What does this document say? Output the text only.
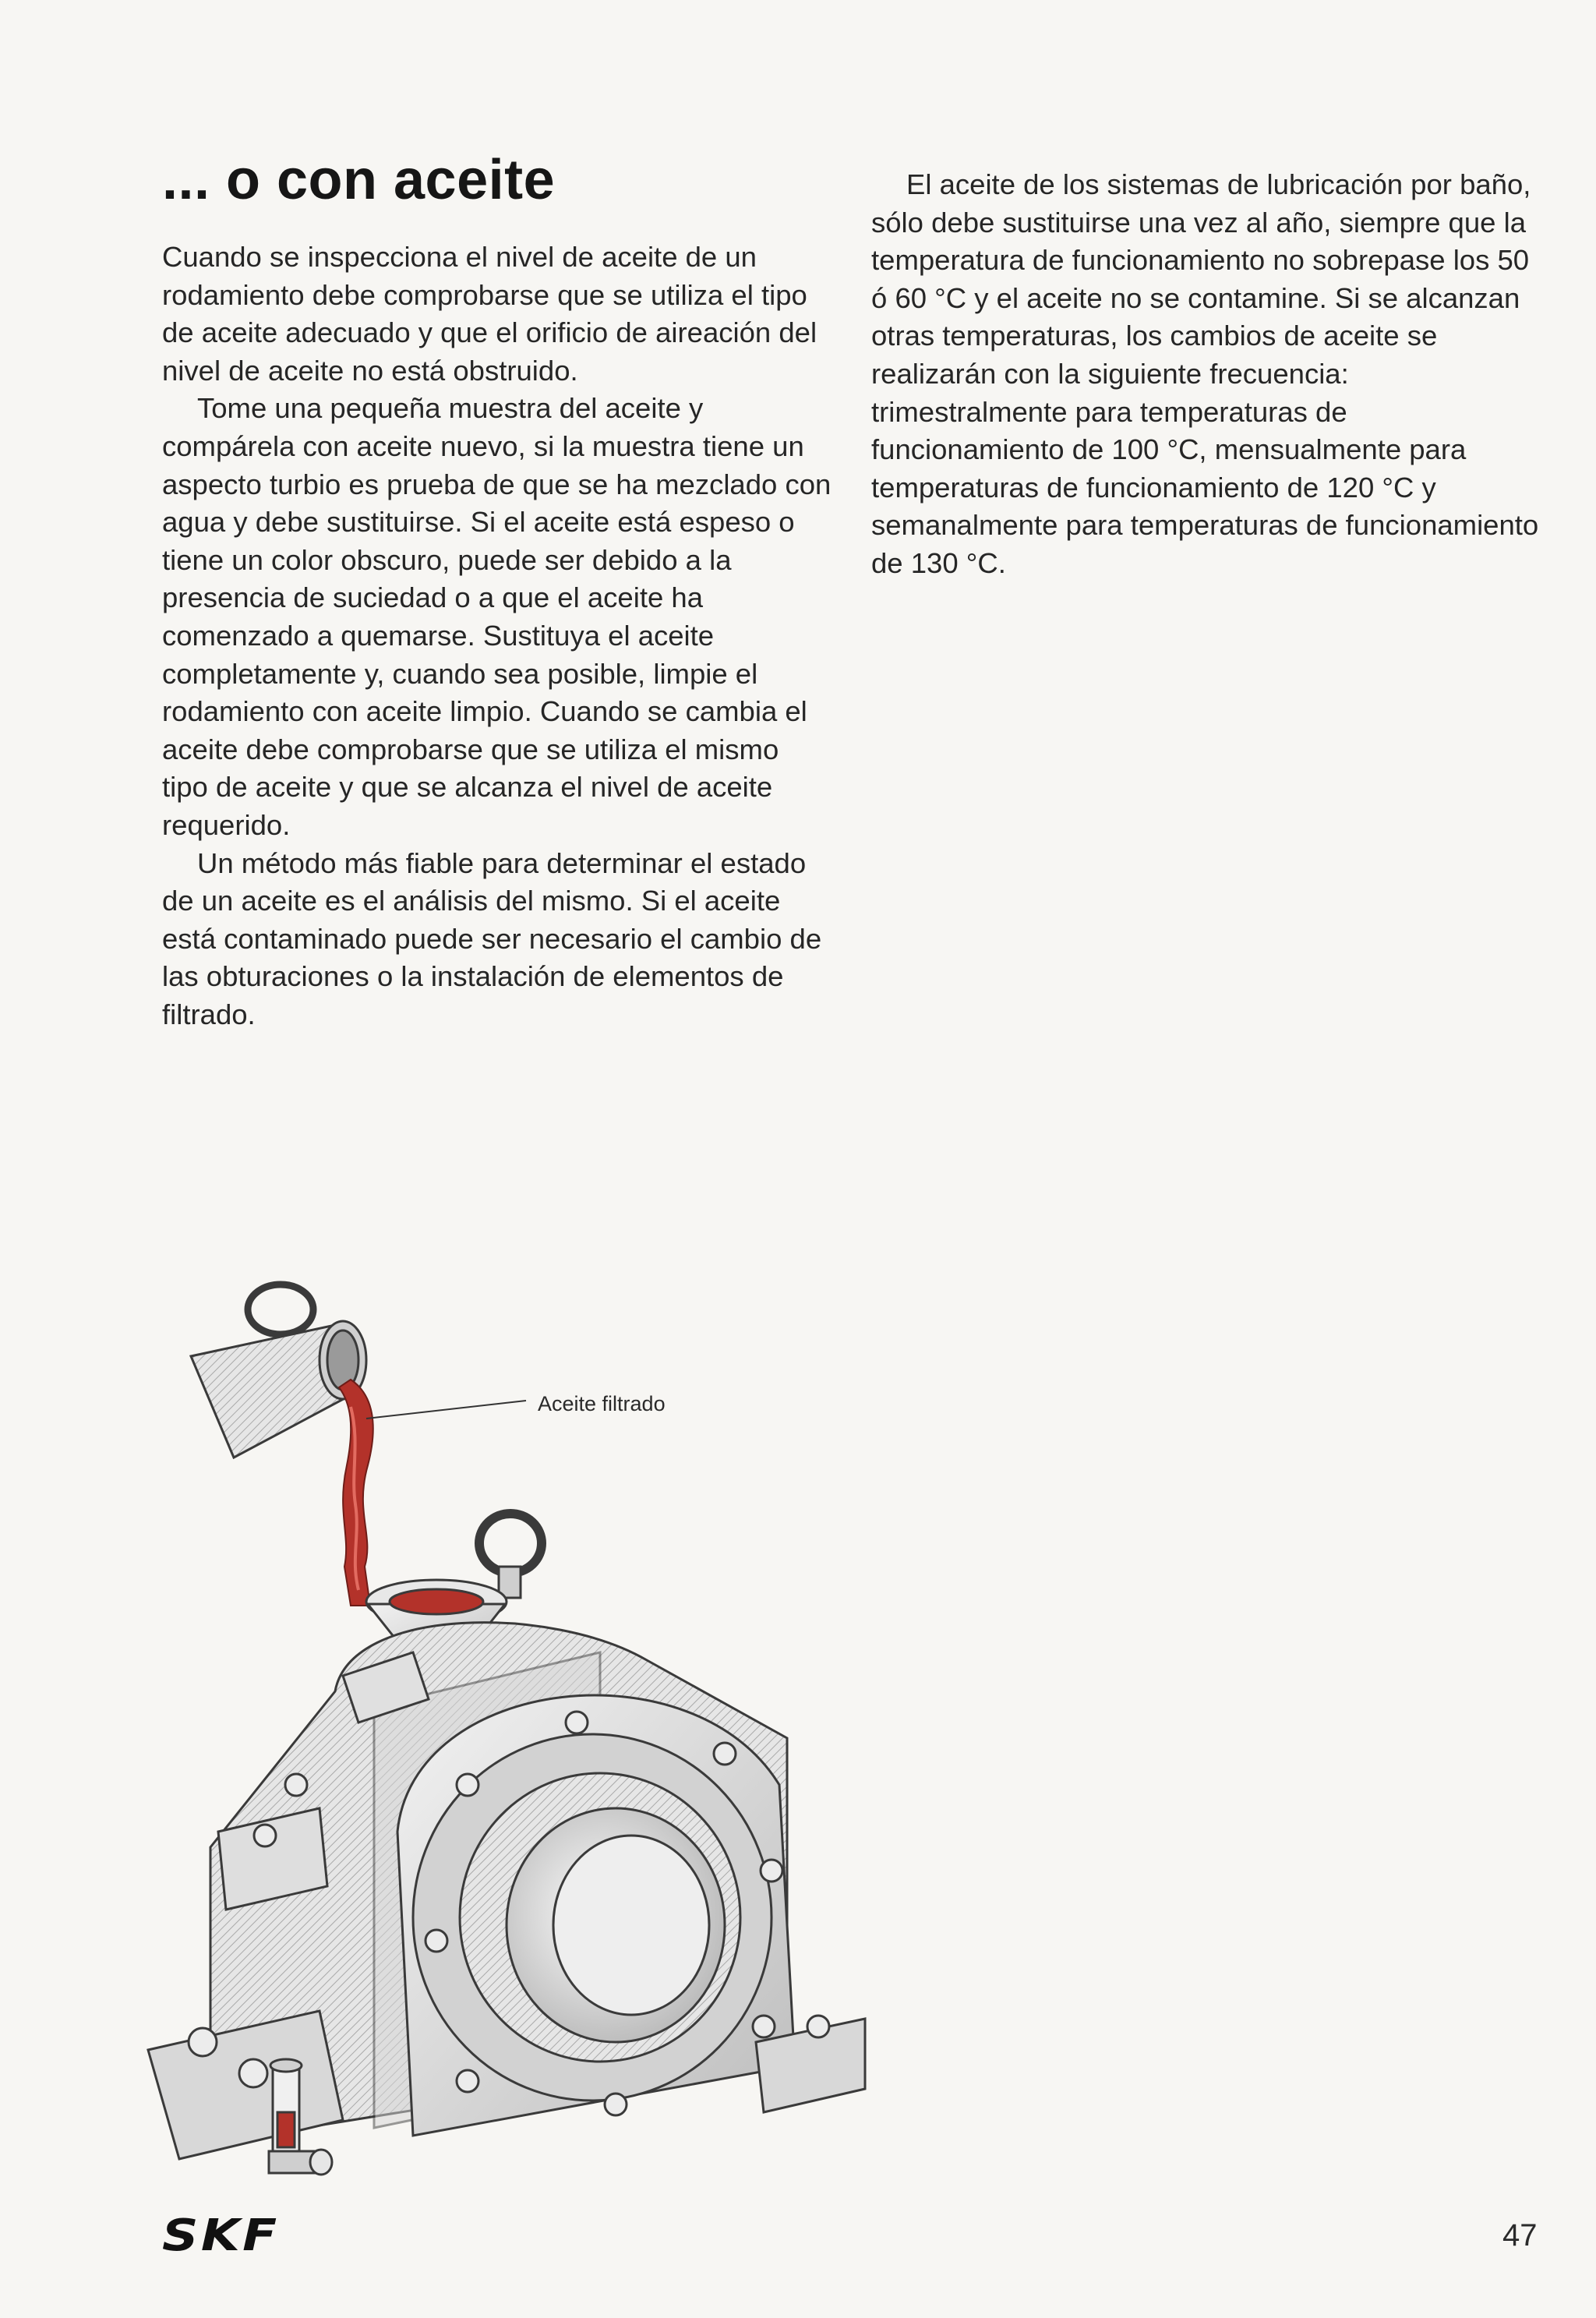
... o con aceite

Cuando se inspecciona el nivel de aceite de un rodamiento debe comprobarse que se utiliza el tipo de aceite adecuado y que el orificio de aireación del nivel de aceite no está obstruido.

Tome una pequeña muestra del aceite y compárela con aceite nuevo, si la muestra tiene un aspecto turbio es prueba de que se ha mezclado con agua y debe sustituirse. Si el aceite está espeso o tiene un color obscuro, puede ser debido a la presencia de suciedad o a que el aceite ha comenzado a quemarse. Sustituya el aceite completamente y, cuando sea posible, limpie el rodamiento con aceite limpio. Cuando se cambia el aceite debe comprobarse que se utiliza el mismo tipo de aceite y que se alcanza el nivel de aceite requerido.

Un método más fiable para determinar el estado de un aceite es el análisis del mismo. Si el aceite está contaminado puede ser necesario el cambio de las obturaciones o la instalación de elementos de filtrado.

El aceite de los sistemas de lubricación por baño, sólo debe sustituirse una vez al año, siempre que la temperatura de funcionamiento no sobrepase los 50 ó 60 °C y el aceite no se contamine. Si se alcanzan otras temperaturas, los cambios de aceite se realizarán con la siguiente frecuencia: trimestralmente para temperaturas de funcionamiento de 100 °C, mensualmente para temperaturas de funcionamiento de 120 °C y semanalmente para temperaturas de funcionamiento de 130 °C.

Aceite filtrado
SKF	47
